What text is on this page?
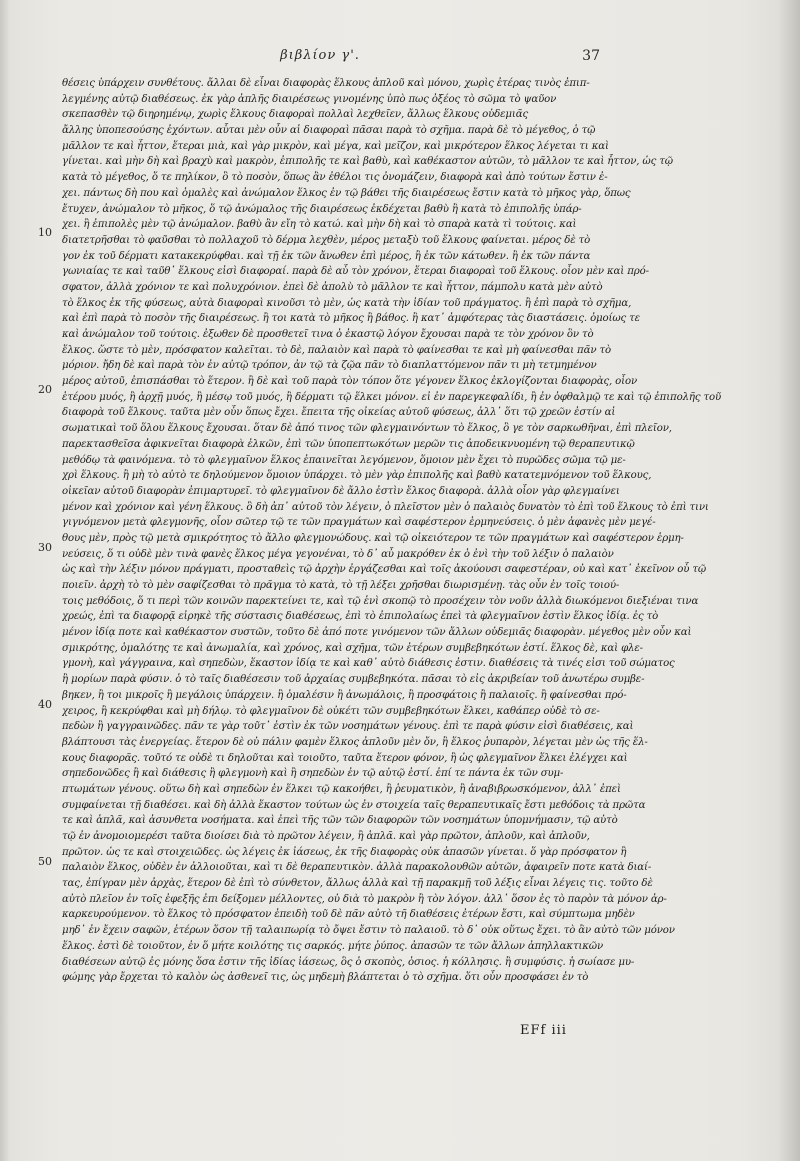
βιβλίον γ'.	37
10
20
30
40
50
θέσεις ὑπάρχειν συνθέτους. ἄλλαι δὲ εἶναι διαφορὰς ἕλκους ἁπλοῦ καὶ μόνου, χωρὶς ἐτέρας τινὸς ἐπιπ-
λεγμένης αὐτῷ διαθέσεως. ἐκ γὰρ ἁπλῆς διαιρέσεως γινομένης ὑπὸ πως ὀξέος τὸ σῶμα τὸ ψαῦον
σκεπασθὲν τῷ διηρημένῳ, χωρὶς ἕλκους διαφοραὶ πολλαὶ λεχθεῖεν, ἄλλως ἕλκους οὐδεμιᾶς
ἄλλης ὑποπεσούσης ἐχόντων. αὗται μὲν οὖν αἱ διαφοραὶ πᾶσαι παρὰ τὸ σχῆμα. παρὰ δὲ τὸ μέγεθος, ὁ τῷ
μᾶλλον τε καὶ ἧττον, ἕτεραι μιὰ, καὶ γὰρ μικρὸν, καὶ μέγα, καὶ μεῖζον, καὶ μικρότερον ἕλκος λέγεται τι καὶ
γίνεται. καὶ μὴν δὴ καὶ βραχὺ καὶ μακρὸν, ἐπιπολῆς τε καὶ βαθὺ, καὶ καθέκαστον αὐτῶν, τὸ μᾶλλον τε καὶ ἧττον, ὡς τῷ
κατὰ τὸ μέγεθος, ὅ τε πηλίκον, ὃ τὸ ποσὸν, ὅπως ἂν ἐθέλοι τις ὀνομάζειν, διαφορὰ καὶ ἀπὸ τούτων ἔστιν ἐ-
χει. πάντως δὴ που καὶ ὁμαλὲς καὶ ἀνώμαλον ἕλκος ἐν τῷ βάθει τῆς διαιρέσεως ἔστιν κατὰ τὸ μῆκος γὰρ, ὅπως
ἔτυχεν, ἀνώμαλον τὸ μῆκος, ὅ τῷ ἀνώμαλος τῆς διαιρέσεως ἐκδέχεται βαθὺ ἢ κατὰ τὸ ἐπιπολῆς ὑπάρ-
χει. ἢ ἐπιπολὲς μὲν τῷ ἀνώμαλον. βαθὺ ἂν εἴη τὸ κατώ. καὶ μὴν δὴ καὶ τὸ σπαρὰ κατὰ τὶ τούτοις. καὶ
διατετρῆσθαι τὸ φαῦσθαι τὸ πολλαχοῦ τὸ δέρμα λεχθὲν, μέρος μεταξὺ τοῦ ἕλκους φαίνεται. μέρος δὲ τὸ
γον ἐκ τοῦ δέρματι κατακεκρύφθαι. καὶ τῇ ἐκ τῶν ἄνωθεν ἐπὶ μέρος, ἢ ἐκ τῶν κάτωθεν. ἢ ἐκ τῶν πάντα
γωνιαίας τε καὶ ταῦθ᾽ ἕλκους εἰσὶ διαφοραί. παρὰ δὲ αὖ τὸν χρόνον, ἕτεραι διαφοραὶ τοῦ ἕλκους. οἷον μὲν καὶ πρό-
σφατον, ἀλλὰ χρόνιον τε καὶ πολυχρόνιον. ἐπεὶ δὲ ἀπολὺ τὸ μᾶλλον τε καὶ ἧττον, πάμπολυ κατὰ μὲν αὐτὸ
τὸ ἕλκος ἐκ τῆς φύσεως, αὐτὰ διαφοραὶ κινοῦσι τὸ μὲν, ὡς κατὰ τὴν ἰδίαν τοῦ πράγματος. ἢ ἐπὶ παρὰ τὸ σχῆμα,
καὶ ἐπὶ παρὰ τὸ ποσὸν τῆς διαιρέσεως. ἢ τοι κατὰ τὸ μῆκος ἢ βάθος. ἢ κατ᾽ ἀμφότερας τὰς διαστάσεις. ὁμοίως τε
καὶ ἀνώμαλον τοῦ τούτοις. ἐξωθεν δὲ προσθετεῖ τινα ὁ ἐκαστῷ λόγον ἔχουσαι παρὰ τε τὸν χρόνον ὃν τὸ
ἕλκος. ὥστε τὸ μὲν, πρόσφατον καλεῖται. τὸ δὲ, παλαιὸν καὶ παρὰ τὸ φαίνεσθαι τε καὶ μὴ φαίνεσθαι πᾶν τὸ
μόριον. ἤδη δὲ καὶ παρὰ τὸν ἐν αὐτῷ τρόπον, ἀν τῷ τὰ ζῷα πᾶν τὸ διαπλαττόμενον πᾶν τι μὴ τετμημένον
μέρος αὐτοῦ, ἐπισπάσθαι τὸ ἕτερον. ἢ δὲ καὶ τοῦ παρὰ τὸν τόπον ὅτε γέγονεν ἕλκος ἐκλογίζονται διαφορὰς, οἷον
ἑτέρου μυός, ἢ ἀρχῇ μυός, ἢ μέσῳ τοῦ μυός, ἢ δέρματι τῷ ἕλκει μόνον. εἰ ἐν παρεγκεφαλίδι, ἢ ἐν ὀφθαλμῷ τε καὶ τῷ ἐπιπολῆς τοῦ
διαφορὰ τοῦ ἕλκους. ταῦτα μὲν οὖν ὅπως ἔχει. ἔπειτα τῆς οἰκείας αὐτοῦ φύσεως, ἀλλ᾽ ὅτι τῷ χρεῶν ἐστίν αἱ
σωματικαὶ τοῦ ὅλου ἕλκους ἔχουσαι. ὅταν δὲ ἀπό τινος τῶν φλεγμαινόντων τὸ ἕλκος, ὃ γε τὸν σαρκωθῆναι, ἐπὶ πλεῖον,
παρεκτασθεῖσα ἀφικνεῖται διαφορὰ ἐλκῶν, ἐπὶ τῶν ὑποπεπτωκότων μερῶν τις ἀποδεικνυομένη τῷ θεραπευτικῷ
μεθόδῳ τὰ φαινόμενα. τὸ τὸ φλεγμαῖνον ἕλκος ἐπαινεῖται λεγόμενον, ὅμοιον μὲν ἔχει τὸ πυρῶδες σῶμα τῷ με-
χρὶ ἕλκους. ἢ μὴ τὸ αὐτὸ τε δηλούμενον ὅμοιον ὑπάρχει. τὸ μὲν γὰρ ἐπιπολῆς καὶ βαθὺ κατατεμνόμενον τοῦ ἕλκους,
οἰκεῖαν αὐτοῦ διαφορὰν ἐπιμαρτυρεῖ. τὸ φλεγμαῖνον δὲ ἄλλο ἐστὶν ἕλκος διαφορὰ. ἀλλὰ οἷον γὰρ φλεγμαίνει
μένον καὶ χρόνιον καὶ γένη ἕλκους. ὃ δὴ ἀπ᾽ αὐτοῦ τὸν λέγειν, ὁ πλεῖστον μὲν ὁ παλαιὸς δυνατὸν τὸ ἐπὶ τοῦ ἕλκους τὸ ἐπὶ τινι
γιγνόμενον μετὰ φλεγμονῆς, οἷον σῶτερ τῷ τε τῶν πραγμάτων καὶ σαφέστερον ἑρμηνεύσεις. ὁ μὲν ἁφανὲς μὲν μεγέ-
θους μὲν, πρὸς τῷ μετὰ σμικρότητος τὸ ἄλλο φλεγμονώδους. καὶ τῷ οἰκειότερον τε τῶν πραγμάτων καὶ σαφέστερον ἑρμη-
νεύσεις, ὅ τι οὐδὲ μὲν τινὰ φανὲς ἕλκος μέγα γεγονέναι, τὸ δ᾽ αὖ μακρόθεν ἐκ ὁ ἐνὶ τὴν τοῦ λέξιν ὁ παλαιὸν
ὡς καὶ τὴν λέξιν μόνον πράγματι, προσταθεὶς τῷ ἀρχὴν ἐργάζεσθαι καὶ τοῖς ἀκούουσι σαφεστέραν, οὐ καὶ κατ᾽ ἐκεῖνον οὗ τῷ
ποιεῖν. ἀρχὴ τὸ τὸ μὲν σαφίζεσθαι τὸ πρᾶγμα τὸ κατὰ, τὸ τῇ λέξει χρῆσθαι διωρισμένῃ. τὰς οὖν ἐν τοῖς τοιού-
τοις μεθόδοις, ὅ τι περὶ τῶν κοινῶν παρεκτείνει τε, καὶ τῷ ἑνὶ σκοπῷ τὸ προσέχειν τὸν νοῦν ἀλλὰ διωκόμενοι διεξιέναι τινα
χρεώς, ἐπὶ τα διαφορᾷ εἰρηκὲ τῆς σύστασις διαθέσεως, ἐπὶ τὸ ἐπιπολαίως ἐπεὶ τὰ φλεγμαῖνον ἐστὶν ἕλκος ἰδίᾳ. ἐς τὸ
μένον ἰδίᾳ ποτε καὶ καθέκαστον συστῶν, τοῦτο δὲ ἀπό ποτε γινόμενον τῶν ἄλλων οὐδεμιᾶς διαφορὰν. μέγεθος μὲν οὖν καὶ
σμικρότης, ὁμαλότης τε καὶ ἀνωμαλία, καὶ χρόνος, καὶ σχῆμα, τῶν ἑτέρων συμβεβηκότων ἐστί. ἕλκος δὲ, καὶ φλε-
γμονὴ, καὶ γάγγραινα, καὶ σηπεδὼν, ἕκαστον ἰδίᾳ τε καὶ καθ᾽ αὐτὸ διάθεσις ἐστιν. διαθέσεις τὰ τινές εἰσι τοῦ σώματος
ἢ μορίων παρὰ φύσιν. ὁ τὸ ταῖς διαθέσεσιν τοῦ ἀρχαίας συμβεβηκότα. πᾶσαι τὸ εἰς ἀκριβείαν τοῦ ἀνωτέρω συμβε-
βηκεν, ἢ τοι μικροῖς ἢ μεγάλοις ὑπάρχειν. ἢ ὁμαλέσιν ἢ ἀνωμάλοις, ἢ προσφάτοις ἢ παλαιοῖς. ἢ φαίνεσθαι πρό-
χειρος, ἢ κεκρύφθαι καὶ μὴ δήλῳ. τὸ φλεγμαῖνον δὲ οὐκέτι τῶν συμβεβηκότων ἕλκει, καθάπερ οὐδὲ τὸ σε-
πεδὼν ἢ γαγγραινῶδες. πᾶν τε γὰρ τοῦτ᾽ ἐστὶν ἐκ τῶν νοσημάτων γένους. ἐπὶ τε παρὰ φύσιν εἰσὶ διαθέσεις, καὶ
βλάπτουσι τὰς ἐνεργείας. ἕτερον δὲ οὐ πάλιν φαμὲν ἕλκος ἀπλοῦν μὲν ὄν, ἢ ἕλκος ῥυπαρὸν, λέγεται μὲν ὡς τῆς ἕλ-
κους διαφορᾶς. τοῦτό τε οὐδὲ τι δηλοῦται καὶ τοιοῦτο, ταῦτα ἕτερον φόνον, ἢ ὡς φλεγμαῖνον ἕλκει ἐλέγχει καὶ
σηπεδονῶδες ἢ καὶ διάθεσις ἢ φλεγμονὴ καὶ ἢ σηπεδὼν ἐν τῷ αὐτῷ ἐστί. ἐπί τε πάντα ἐκ τῶν συμ-
πτωμάτων γένους. οὕτω δὴ καὶ σηπεδὼν ἐν ἕλκει τῷ κακοήθει, ἢ ῥευματικὸν, ἢ ἀναβιβρωσκόμενον, ἀλλ᾽ ἐπεὶ
συμφαίνεται τῇ διαθέσει. καὶ δὴ ἀλλὰ ἕκαστον τούτων ὡς ἐν στοιχεία ταῖς θεραπευτικαῖς ἔστι μεθόδοις τὰ πρῶτα
τε καὶ ἁπλᾶ, καὶ ἀσυνθετα νοσήματα. καὶ ἐπεὶ τῆς τῶν τῶν διαφορῶν τῶν νοσημάτων ὑπομνήμασιν, τῷ αὐτὸ
τῷ ἐν ἀνομοιομερέσι ταῦτα διοίσει διὰ τὸ πρῶτον λέγειν, ἢ ἁπλᾶ. καὶ γὰρ πρῶτον, ἀπλοῦν, καὶ ἀπλοῦν,
πρῶτον. ὡς τε καὶ στοιχειῶδες. ὡς λέγεις ἐκ ἰάσεως, ἐκ τῆς διαφορὰς οὐκ ἀπασῶν γίνεται. ὅ γὰρ πρόσφατον ἢ
παλαιὸν ἕλκος, οὐδὲν ἐν ἀλλοιοῦται, καὶ τι δὲ θεραπευτικὸν. ἀλλὰ παρακολουθῶν αὐτῶν, ἀφαιρεῖν ποτε κατὰ διαί-
τας, ἐπίγραν μὲν ἀρχὰς, ἕτερον δὲ ἐπὶ τὸ σύνθετον, ἄλλως ἀλλὰ καὶ τῇ παρακμῇ τοῦ λέξις εἶναι λέγεις τις. τοῦτο δὲ
αὐτὸ πλεῖον ἐν τοῖς ἐφεξῆς ἐπι δείξομεν μέλλοντες, οὐ διὰ τὸ μακρὸν ἢ τὸν λόγον. ἀλλ᾽ ὅσον ἐς τὸ παρὸν τὰ μόνον ἀρ-
καρκευρούμενον. τὸ ἕλκος τὸ πρόσφατον ἐπειδὴ τοῦ δὲ πᾶν αὐτὸ τῆ διαθέσεις ἐτέρων ἔστι, καὶ σύμπτωμα μηδὲν
μηδ᾽ ἐν ἔχειν σαφῶν, ἑτέρων ὅσον τῇ ταλαιπωρίᾳ τὸ ὄψει ἔστιν τὸ παλαιοῦ. τὸ δ᾽ οὐκ οὕτως ἔχει. τὸ ἂν αὐτὸ τῶν μόνον
ἕλκος. ἐστὶ δὲ τοιοῦτον, ἐν ὅ μήτε κοιλότης τις σαρκός. μήτε ῥύπος. ἀπασῶν τε τῶν ἄλλων ἀπηλλακτικῶν
διαθέσεων αὐτῷ ἐς μόνης ὅσα ἐστιν τῆς ἰδίας ἰάσεως, ὃς ὁ σκοπὸς, ὁσιος. ἡ κόλλησις. ἢ συμφύσις. ἡ σωίασε μυ-
φώμης γὰρ ἔρχεται τὸ καλὸν ὡς ἀσθενεῖ τις, ὡς μηδεμὴ βλάπτεται ὁ τὸ σχῆμα. ὅτι οὖν προσφάσει ἐν τὸ
EFf iii
